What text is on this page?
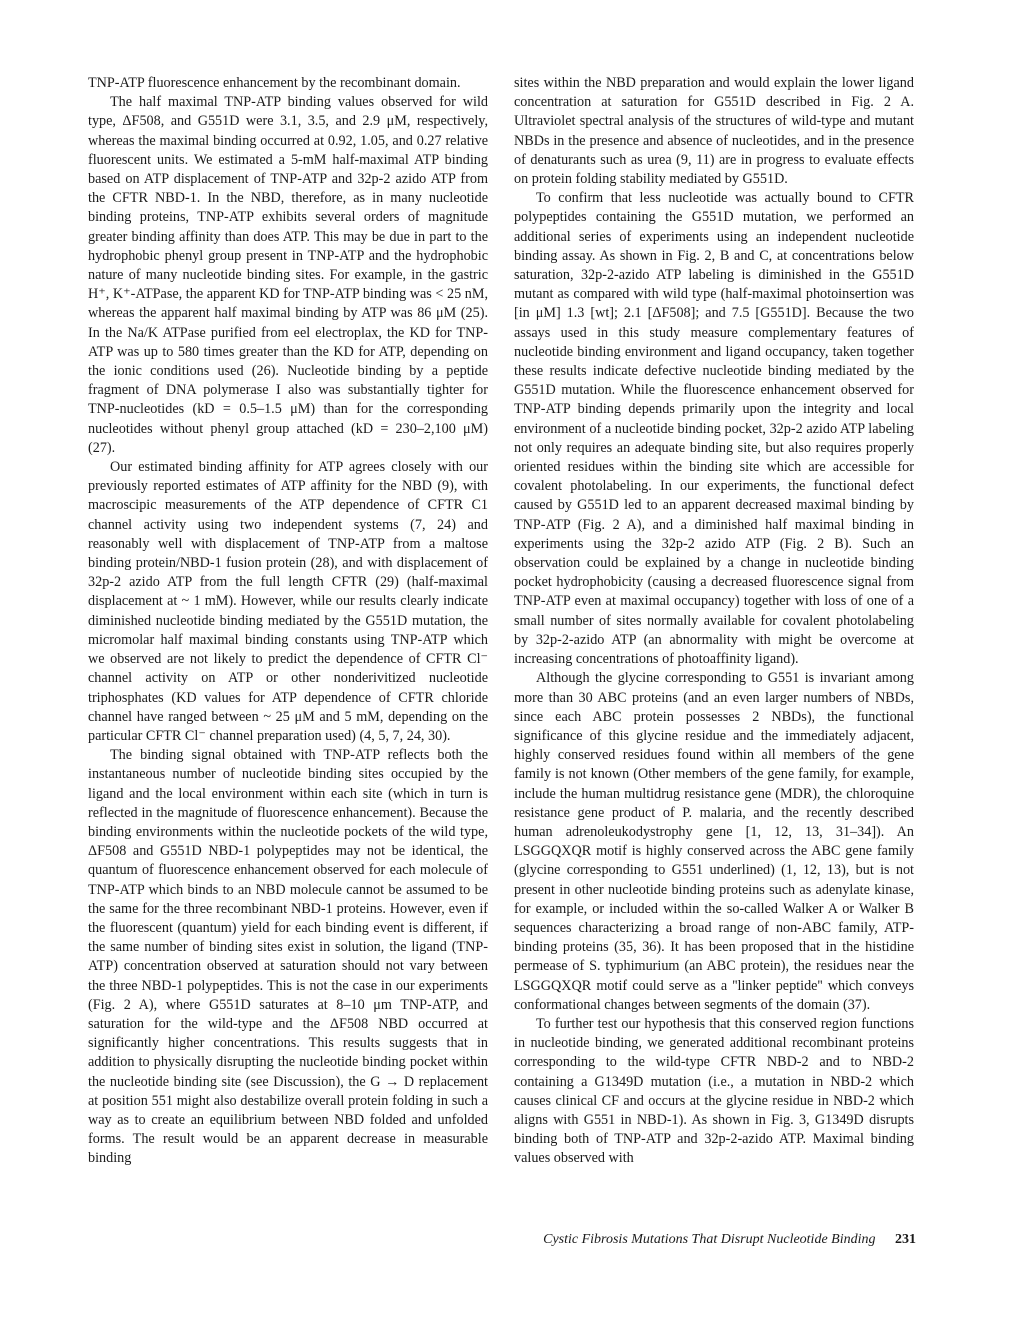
TNP-ATP fluorescence enhancement by the recombinant domain.

The half maximal TNP-ATP binding values observed for wild type, ΔF508, and G551D were 3.1, 3.5, and 2.9 μM, respectively, whereas the maximal binding occurred at 0.92, 1.05, and 0.27 relative fluorescent units. We estimated a 5-mM half-maximal ATP binding based on ATP displacement of TNP-ATP and 32p-2 azido ATP from the CFTR NBD-1. In the NBD, therefore, as in many nucleotide binding proteins, TNP-ATP exhibits several orders of magnitude greater binding affinity than does ATP. This may be due in part to the hydrophobic phenyl group present in TNP-ATP and the hydrophobic nature of many nucleotide binding sites. For example, in the gastric H⁺, K⁺-ATPase, the apparent KD for TNP-ATP binding was < 25 nM, whereas the apparent half maximal binding by ATP was 86 μM (25). In the Na/K ATPase purified from eel electroplax, the KD for TNP-ATP was up to 580 times greater than the KD for ATP, depending on the ionic conditions used (26). Nucleotide binding by a peptide fragment of DNA polymerase I also was substantially tighter for TNP-nucleotides (kD = 0.5–1.5 μM) than for the corresponding nucleotides without phenyl group attached (kD = 230–2,100 μM) (27).

Our estimated binding affinity for ATP agrees closely with our previously reported estimates of ATP affinity for the NBD (9), with macroscipic measurements of the ATP dependence of CFTR C1 channel activity using two independent systems (7, 24) and reasonably well with displacement of TNP-ATP from a maltose binding protein/NBD-1 fusion protein (28), and with displacement of 32p-2 azido ATP from the full length CFTR (29) (half-maximal displacement at ~ 1 mM). However, while our results clearly indicate diminished nucleotide binding mediated by the G551D mutation, the micromolar half maximal binding constants using TNP-ATP which we observed are not likely to predict the dependence of CFTR Cl⁻ channel activity on ATP or other nonderivitized nucleotide triphosphates (KD values for ATP dependence of CFTR chloride channel have ranged between ~ 25 μM and 5 mM, depending on the particular CFTR Cl⁻ channel preparation used) (4, 5, 7, 24, 30).

The binding signal obtained with TNP-ATP reflects both the instantaneous number of nucleotide binding sites occupied by the ligand and the local environment within each site (which in turn is reflected in the magnitude of fluorescence enhancement). Because the binding environments within the nucleotide pockets of the wild type, ΔF508 and G551D NBD-1 polypeptides may not be identical, the quantum of fluorescence enhancement observed for each molecule of TNP-ATP which binds to an NBD molecule cannot be assumed to be the same for the three recombinant NBD-1 proteins. However, even if the fluorescent (quantum) yield for each binding event is different, if the same number of binding sites exist in solution, the ligand (TNP-ATP) concentration observed at saturation should not vary between the three NBD-1 polypeptides. This is not the case in our experiments (Fig. 2 A), where G551D saturates at 8–10 μm TNP-ATP, and saturation for the wild-type and the ΔF508 NBD occurred at significantly higher concentrations. This results suggests that in addition to physically disrupting the nucleotide binding pocket within the nucleotide binding site (see Discussion), the G → D replacement at position 551 might also destabilize overall protein folding in such a way as to create an equilibrium between NBD folded and unfolded forms. The result would be an apparent decrease in measurable binding

sites within the NBD preparation and would explain the lower ligand concentration at saturation for G551D described in Fig. 2 A. Ultraviolet spectral analysis of the structures of wild-type and mutant NBDs in the presence and absence of nucleotides, and in the presence of denaturants such as urea (9, 11) are in progress to evaluate effects on protein folding stability mediated by G551D.

To confirm that less nucleotide was actually bound to CFTR polypeptides containing the G551D mutation, we performed an additional series of experiments using an independent nucleotide binding assay. As shown in Fig. 2, B and C, at concentrations below saturation, 32p-2-azido ATP labeling is diminished in the G551D mutant as compared with wild type (half-maximal photoinsertion was [in μM] 1.3 [wt]; 2.1 [ΔF508]; and 7.5 [G551D]. Because the two assays used in this study measure complementary features of nucleotide binding environment and ligand occupancy, taken together these results indicate defective nucleotide binding mediated by the G551D mutation. While the fluorescence enhancement observed for TNP-ATP binding depends primarily upon the integrity and local environment of a nucleotide binding pocket, 32p-2 azido ATP labeling not only requires an adequate binding site, but also requires properly oriented residues within the binding site which are accessible for covalent photolabeling. In our experiments, the functional defect caused by G551D led to an apparent decreased maximal binding by TNP-ATP (Fig. 2 A), and a diminished half maximal binding in experiments using the 32p-2 azido ATP (Fig. 2 B). Such an observation could be explained by a change in nucleotide binding pocket hydrophobicity (causing a decreased fluorescence signal from TNP-ATP even at maximal occupancy) together with loss of one of a small number of sites normally available for covalent photolabeling by 32p-2-azido ATP (an abnormality with might be overcome at increasing concentrations of photoaffinity ligand).

Although the glycine corresponding to G551 is invariant among more than 30 ABC proteins (and an even larger numbers of NBDs, since each ABC protein possesses 2 NBDs), the functional significance of this glycine residue and the immediately adjacent, highly conserved residues found within all members of the gene family is not known (Other members of the gene family, for example, include the human multidrug resistance gene (MDR), the chloroquine resistance gene product of P. malaria, and the recently described human adrenoleukodystrophy gene [1, 12, 13, 31–34]). An LSGGQXQR motif is highly conserved across the ABC gene family (glycine corresponding to G551 underlined) (1, 12, 13), but is not present in other nucleotide binding proteins such as adenylate kinase, for example, or included within the so-called Walker A or Walker B sequences characterizing a broad range of non-ABC family, ATP-binding proteins (35, 36). It has been proposed that in the histidine permease of S. typhimurium (an ABC protein), the residues near the LSGGQXQR motif could serve as a ''linker peptide'' which conveys conformational changes between segments of the domain (37).

To further test our hypothesis that this conserved region functions in nucleotide binding, we generated additional recombinant proteins corresponding to the wild-type CFTR NBD-2 and to NBD-2 containing a G1349D mutation (i.e., a mutation in NBD-2 which causes clinical CF and occurs at the glycine residue in NBD-2 which aligns with G551 in NBD-1). As shown in Fig. 3, G1349D disrupts binding both of TNP-ATP and 32p-2-azido ATP. Maximal binding values observed with

Cystic Fibrosis Mutations That Disrupt Nucleotide Binding 231
